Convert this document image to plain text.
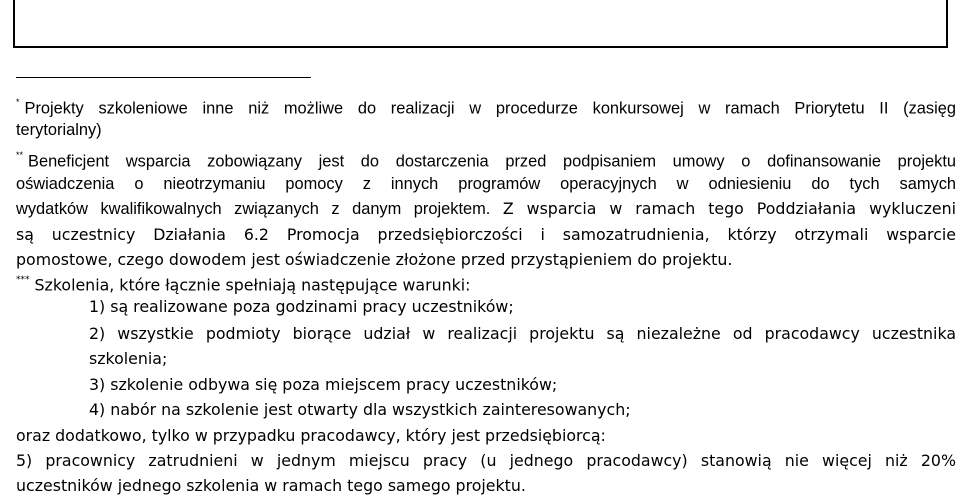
* Projekty szkoleniowe inne niż możliwe do realizacji w procedurze konkursowej w ramach Priorytetu II (zasięg
terytorialny)
** Beneficjent wsparcia zobowiązany jest do dostarczenia przed podpisaniem umowy o dofinansowanie projektu
oświadczenia o nieotrzymaniu pomocy z innych programów operacyjnych w odniesieniu do tych samych
wydatków kwalifikowalnych związanych z danym projektem. Z wsparcia w ramach tego Poddziałania wykluczeni
są uczestnicy Działania 6.2 Promocja przedsiębiorczości i samozatrudnienia, którzy otrzymali wsparcie
pomostowe, czego dowodem jest oświadczenie złożone przed przystąpieniem do projektu.
*** Szkolenia, które łącznie spełniają następujące warunki:
1) są realizowane poza godzinami pracy uczestników;
2) wszystkie podmioty biorące udział w realizacji projektu są niezależne od pracodawcy uczestnika
szkolenia;
3) szkolenie odbywa się poza miejscem pracy uczestników;
4) nabór na szkolenie jest otwarty dla wszystkich zainteresowanych;
oraz dodatkowo, tylko w przypadku pracodawcy, który jest przedsiębiorcą:
5) pracownicy zatrudnieni w jednym miejscu pracy (u jednego pracodawcy) stanowią nie więcej niż 20%
uczestników jednego szkolenia w ramach tego samego projektu.
